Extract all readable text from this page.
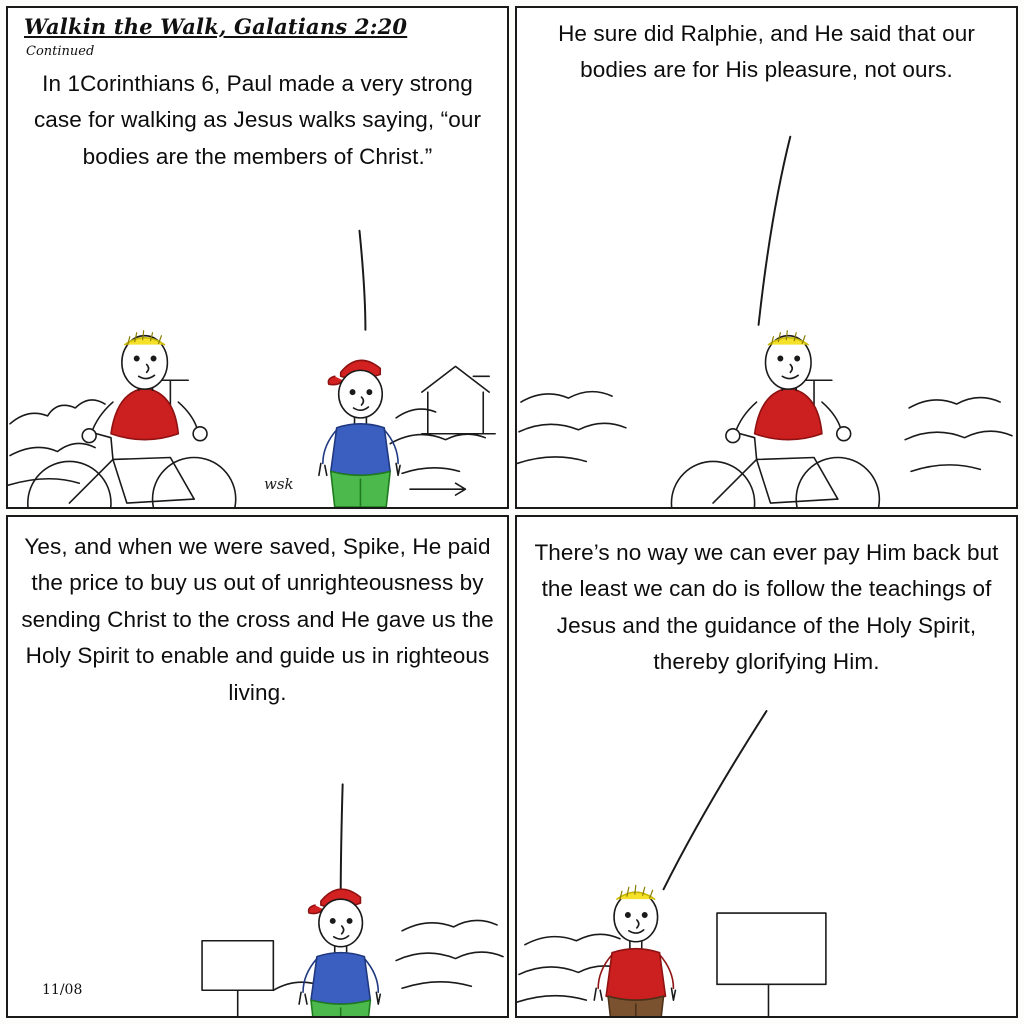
Walkin the Walk, Galatians 2:20
Continued
In 1Corinthians 6, Paul made a very strong case for walking as Jesus walks saying, “our bodies are the members of Christ.”
wsk
He sure did Ralphie, and He said that our bodies are for His pleasure, not ours.
Yes, and when we were saved, Spike, He paid the price to buy us out of unrighteousness by sending Christ to the cross and He gave us the Holy Spirit to enable and guide us in righteous living.
11/08
There’s no way we can ever pay Him back but the least we can do is follow the teachings of Jesus and the guidance of the Holy Spirit, thereby glorifying Him.
